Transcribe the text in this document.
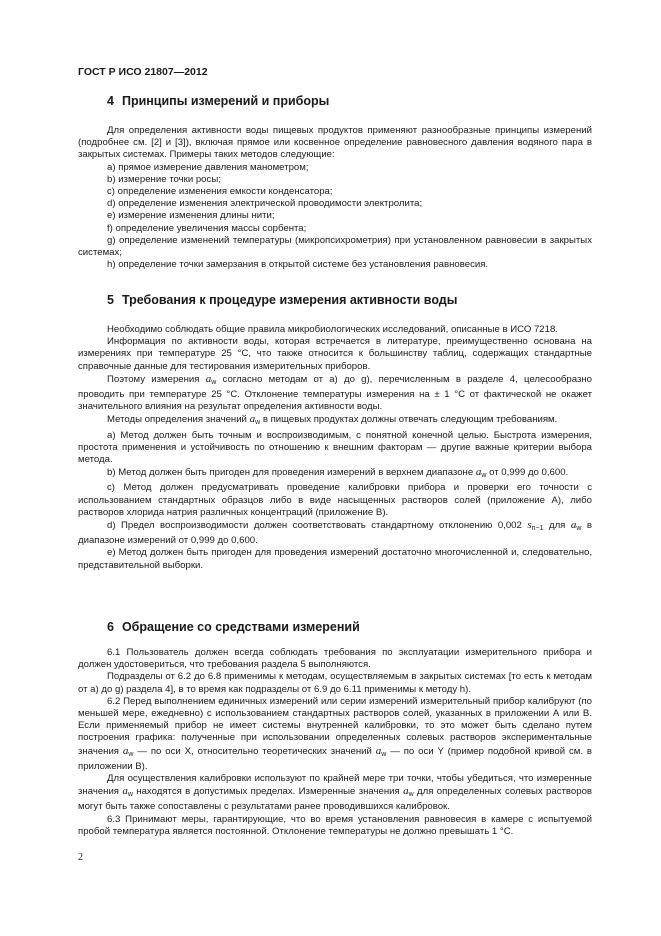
ГОСТ Р ИСО 21807—2012
4 Принципы измерений и приборы
Для определения активности воды пищевых продуктов применяют разнообразные принципы измерений (подробнее см. [2] и [3]), включая прямое или косвенное определение равновесного давления водяного пара в закрытых системах. Примеры таких методов следующие:
a) прямое измерение давления манометром;
b) измерение точки росы;
c) определение изменения емкости конденсатора;
d) определение изменения электрической проводимости электролита;
e) измерение изменения длины нити;
f) определение увеличения массы сорбента;
g) определение изменений температуры (микропсихрометрия) при установленном равновесии в закрытых системах;
h) определение точки замерзания в открытой системе без установления равновесия.
5 Требования к процедуре измерения активности воды
Необходимо соблюдать общие правила микробиологических исследований, описанные в ИСО 7218.
Информация по активности воды, которая встречается в литературе, преимущественно основана на измерениях при температуре 25 °С, что также относится к большинству таблиц, содержащих стандартные справочные данные для тестирования измерительных приборов.
Поэтому измерения $a_w$ согласно методам от a) до g), перечисленным в разделе 4, целесообразно проводить при температуре 25 °С. Отклонение температуры измерения на ± 1 °С от фактической не окажет значительного влияния на результат определения активности воды.
Методы определения значений $a_w$ в пищевых продуктах должны отвечать следующим требованиям.
a) Метод должен быть точным и воспроизводимым, с понятной конечной целью. Быстрота измерения, простота применения и устойчивость по отношению к внешним факторам — другие важные критерии выбора метода.
b) Метод должен быть пригоден для проведения измерений в верхнем диапазоне $a_w$ от 0,999 до 0,600.
c) Метод должен предусматривать проведение калибровки прибора и проверки его точности с использованием стандартных образцов либо в виде насыщенных растворов солей (приложение А), либо растворов хлорида натрия различных концентраций (приложение В).
d) Предел воспроизводимости должен соответствовать стандартному отклонению 0,002 $s_{n-1}$ для $a_w$ в диапазоне измерений от 0,999 до 0,600.
e) Метод должен быть пригоден для проведения измерений достаточно многочисленной и, следовательно, представительной выборки.
6 Обращение со средствами измерений
6.1 Пользователь должен всегда соблюдать требования по эксплуатации измерительного прибора и должен удостовериться, что требования раздела 5 выполняются.
Подразделы от 6.2 до 6.8 применимы к методам, осуществляемым в закрытых системах [то есть к методам от a) до g) раздела 4], в то время как подразделы от 6.9 до 6.11 применимы к методу h).
6.2 Перед выполнением единичных измерений или серии измерений измерительный прибор калибруют (по меньшей мере, ежедневно) с использованием стандартных растворов солей, указанных в приложении А или В. Если применяемый прибор не имеет системы внутренней калибровки, то это может быть сделано путем построения графика: полученные при использовании определенных солевых растворов экспериментальные значения $a_w$ — по оси X, относительно теоретических значений $a_w$ — по оси Y (пример подобной кривой см. в приложении В).
Для осуществления калибровки используют по крайней мере три точки, чтобы убедиться, что измеренные значения $a_w$ находятся в допустимых пределах. Измеренные значения $a_w$ для определенных солевых растворов могут быть также сопоставлены с результатами ранее проводившихся калибровок.
6.3 Принимают меры, гарантирующие, что во время установления равновесия в камере с испытуемой пробой температура является постоянной. Отклонение температуры не должно превышать 1 °С.
2
